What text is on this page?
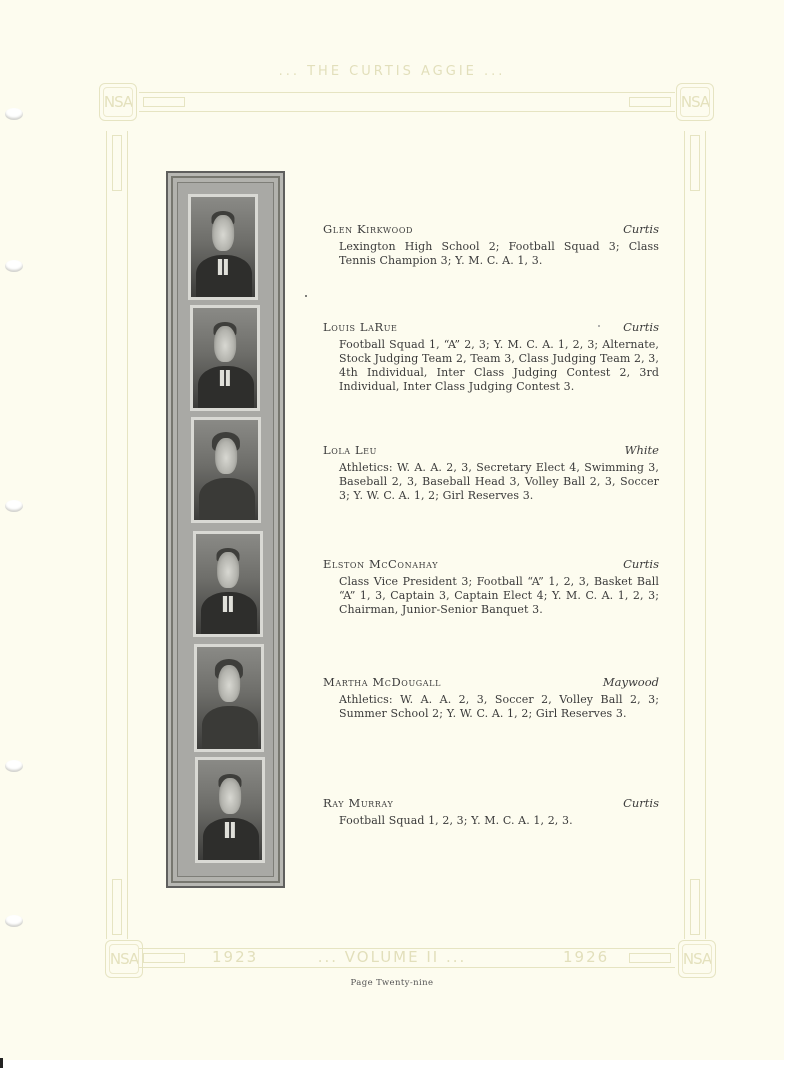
... THE CURTIS AGGIE ...
NSA	NSA
NSA	NSA
1923	... VOLUME II ...	1926
Glen Kirkwood	Curtis
Lexington High School 2; Football Squad 3; Class Tennis Champion 3; Y. M. C. A. 1, 3.
Louis LaRue	Curtis
Football Squad 1, “A” 2, 3; Y. M. C. A. 1, 2, 3; Alternate, Stock Judging Team 2, Team 3, Class Judging Team 2, 3, 4th Individual, Inter Class Judging Contest 2, 3rd Individual, Inter Class Judging Contest 3.
Lola Leu	White
Athletics: W. A. A. 2, 3, Secretary Elect 4, Swimming 3, Baseball 2, 3, Baseball Head 3, Volley Ball 2, 3, Soccer 3; Y. W. C. A. 1, 2; Girl Reserves 3.
Elston McConahay	Curtis
Class Vice President 3; Football “A” 1, 2, 3, Basket Ball “A” 1, 3, Captain 3, Captain Elect 4; Y. M. C. A. 1, 2, 3; Chairman, Junior-Senior Banquet 3.
Martha McDougall	Maywood
Athletics: W. A. A. 2, 3, Soccer 2, Volley Ball 2, 3; Summer School 2; Y. W. C. A. 1, 2; Girl Reserves 3.
Ray Murray	Curtis
Football Squad 1, 2, 3; Y. M. C. A. 1, 2, 3.
Page Twenty-nine
